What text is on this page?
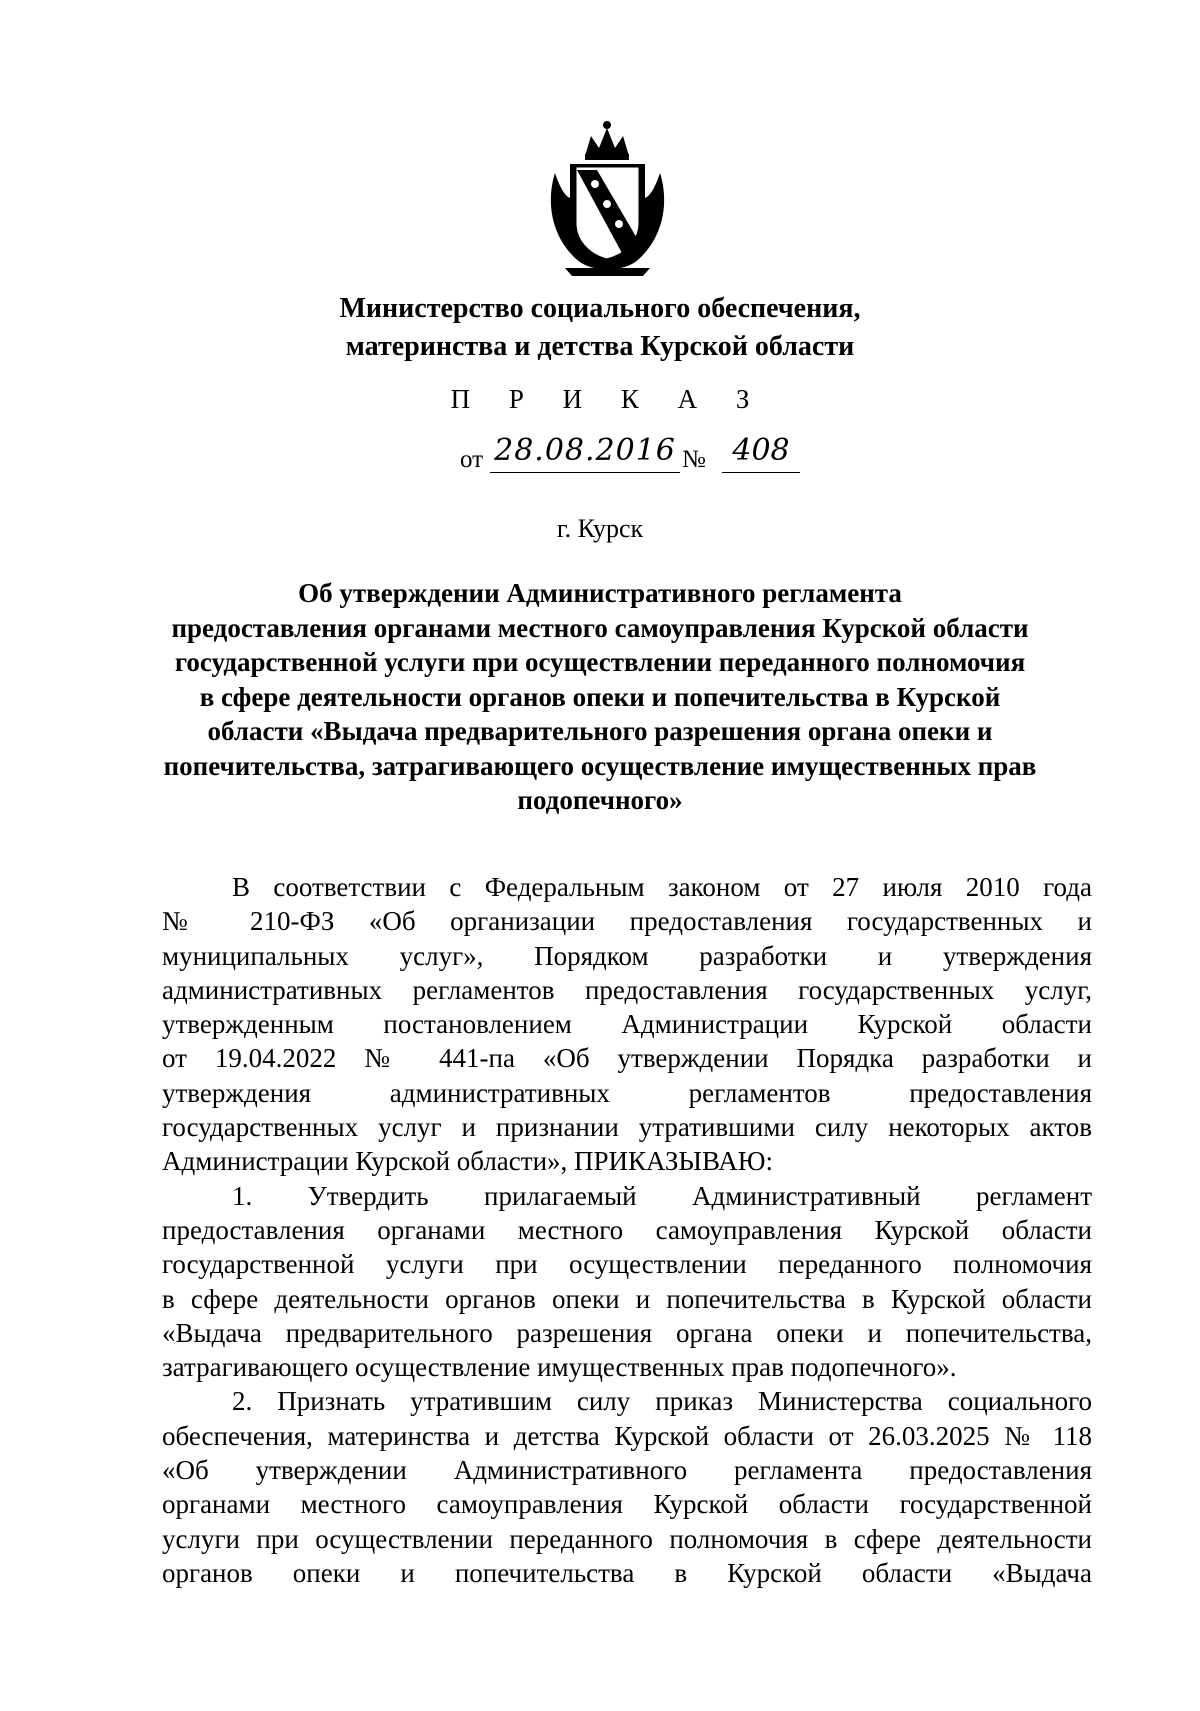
Министерство социального обеспечения,
материнства и детства Курской области
П Р И К А З
от 28.08.2016 № 408
г. Курск
Об утверждении Административного регламента
предоставления органами местного самоуправления Курской области
государственной услуги при осуществлении переданного полномочия
в сфере деятельности органов опеки и попечительства в Курской
области «Выдача предварительного разрешения органа опеки и
попечительства, затрагивающего осуществление имущественных прав
подопечного»
В соответствии с Федеральным законом от 27 июля 2010 года
№ 210-ФЗ «Об организации предоставления государственных и
муниципальных услуг», Порядком разработки и утверждения
административных регламентов предоставления государственных услуг,
утвержденным постановлением Администрации Курской области
от 19.04.2022 № 441-па «Об утверждении Порядка разработки и
утверждения административных регламентов предоставления
государственных услуг и признании утратившими силу некоторых актов
Администрации Курской области», ПРИКАЗЫВАЮ:
1. Утвердить прилагаемый Административный регламент
предоставления органами местного самоуправления Курской области
государственной услуги при осуществлении переданного полномочия
в сфере деятельности органов опеки и попечительства в Курской области
«Выдача предварительного разрешения органа опеки и попечительства,
затрагивающего осуществление имущественных прав подопечного».
2. Признать утратившим силу приказ Министерства социального
обеспечения, материнства и детства Курской области от 26.03.2025 № 118
«Об утверждении Административного регламента предоставления
органами местного самоуправления Курской области государственной
услуги при осуществлении переданного полномочия в сфере деятельности
органов опеки и попечительства в Курской области «Выдача
